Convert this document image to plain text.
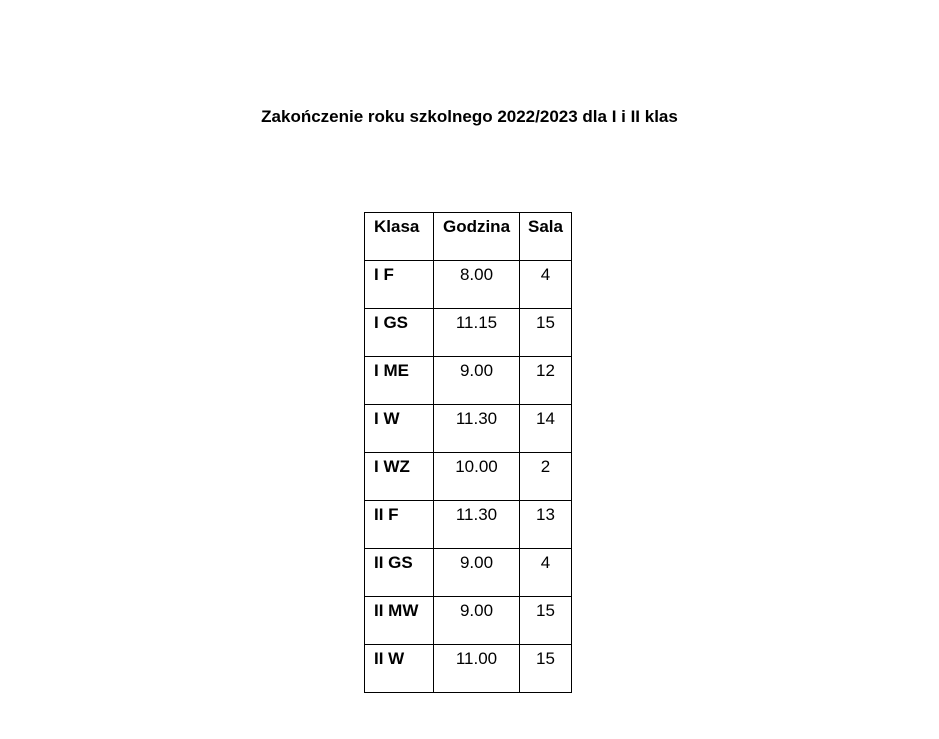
Zakończenie roku szkolnego 2022/2023 dla I i II klas
Klasa	Godzina	Sala
I F	8.00	4
I GS	11.15	15
I ME	9.00	12
I W	11.30	14
I WZ	10.00	2
II F	11.30	13
II GS	9.00	4
II MW	9.00	15
II W	11.00	15
